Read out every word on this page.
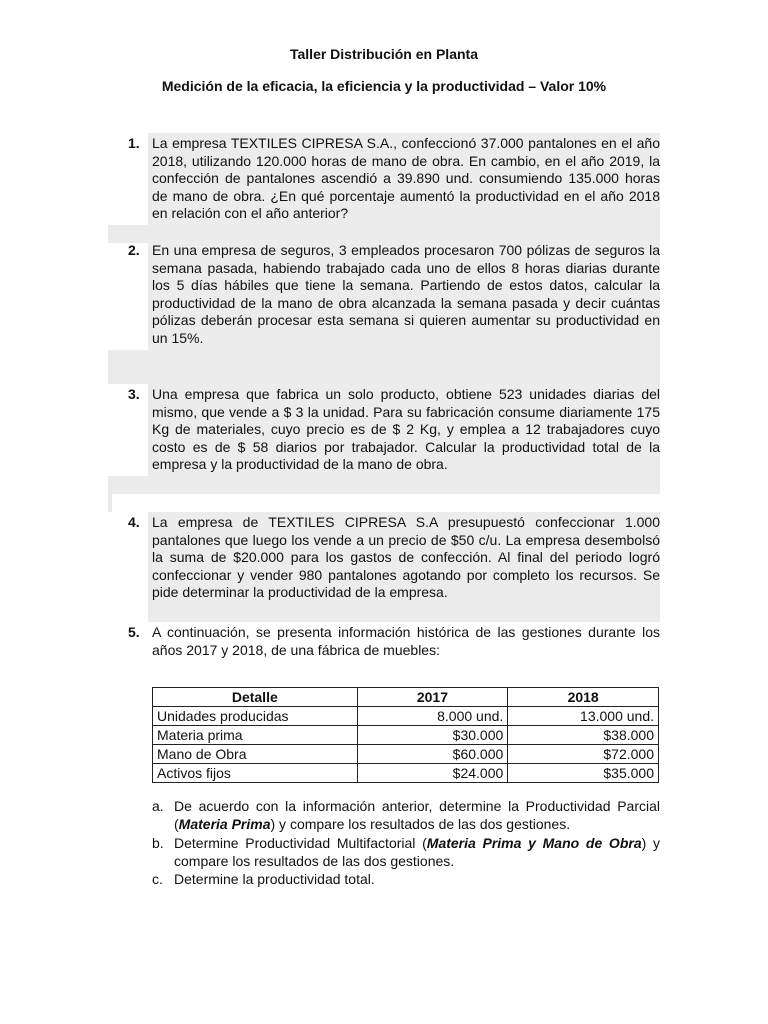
Taller Distribución en Planta
Medición de la eficacia, la eficiencia y la productividad – Valor 10%
1. La empresa TEXTILES CIPRESA S.A., confeccionó 37.000 pantalones en el año 2018, utilizando 120.000 horas de mano de obra. En cambio, en el año 2019, la confección de pantalones ascendió a 39.890 und. consumiendo 135.000 horas de mano de obra. ¿En qué porcentaje aumentó la productividad en el año 2018 en relación con el año anterior?
2. En una empresa de seguros, 3 empleados procesaron 700 pólizas de seguros la semana pasada, habiendo trabajado cada uno de ellos 8 horas diarias durante los 5 días hábiles que tiene la semana. Partiendo de estos datos, calcular la productividad de la mano de obra alcanzada la semana pasada y decir cuántas pólizas deberán procesar esta semana si quieren aumentar su productividad en un 15%.
3. Una empresa que fabrica un solo producto, obtiene 523 unidades diarias del mismo, que vende a $ 3 la unidad. Para su fabricación consume diariamente 175 Kg de materiales, cuyo precio es de $ 2 Kg, y emplea a 12 trabajadores cuyo costo es de $ 58 diarios por trabajador. Calcular la productividad total de la empresa y la productividad de la mano de obra.
4. La empresa de TEXTILES CIPRESA S.A presupuestó confeccionar 1.000 pantalones que luego los vende a un precio de $50 c/u. La empresa desembolsó la suma de $20.000 para los gastos de confección. Al final del periodo logró confeccionar y vender 980 pantalones agotando por completo los recursos. Se pide determinar la productividad de la empresa.
5. A continuación, se presenta información histórica de las gestiones durante los años 2017 y 2018, de una fábrica de muebles:
Detalle	2017	2018
Unidades producidas	8.000 und.	13.000 und.
Materia prima	$30.000	$38.000
Mano de Obra	$60.000	$72.000
Activos fijos	$24.000	$35.000
a. De acuerdo con la información anterior, determine la Productividad Parcial (Materia Prima) y compare los resultados de las dos gestiones.
b. Determine Productividad Multifactorial (Materia Prima y Mano de Obra) y compare los resultados de las dos gestiones.
c. Determine la productividad total.
